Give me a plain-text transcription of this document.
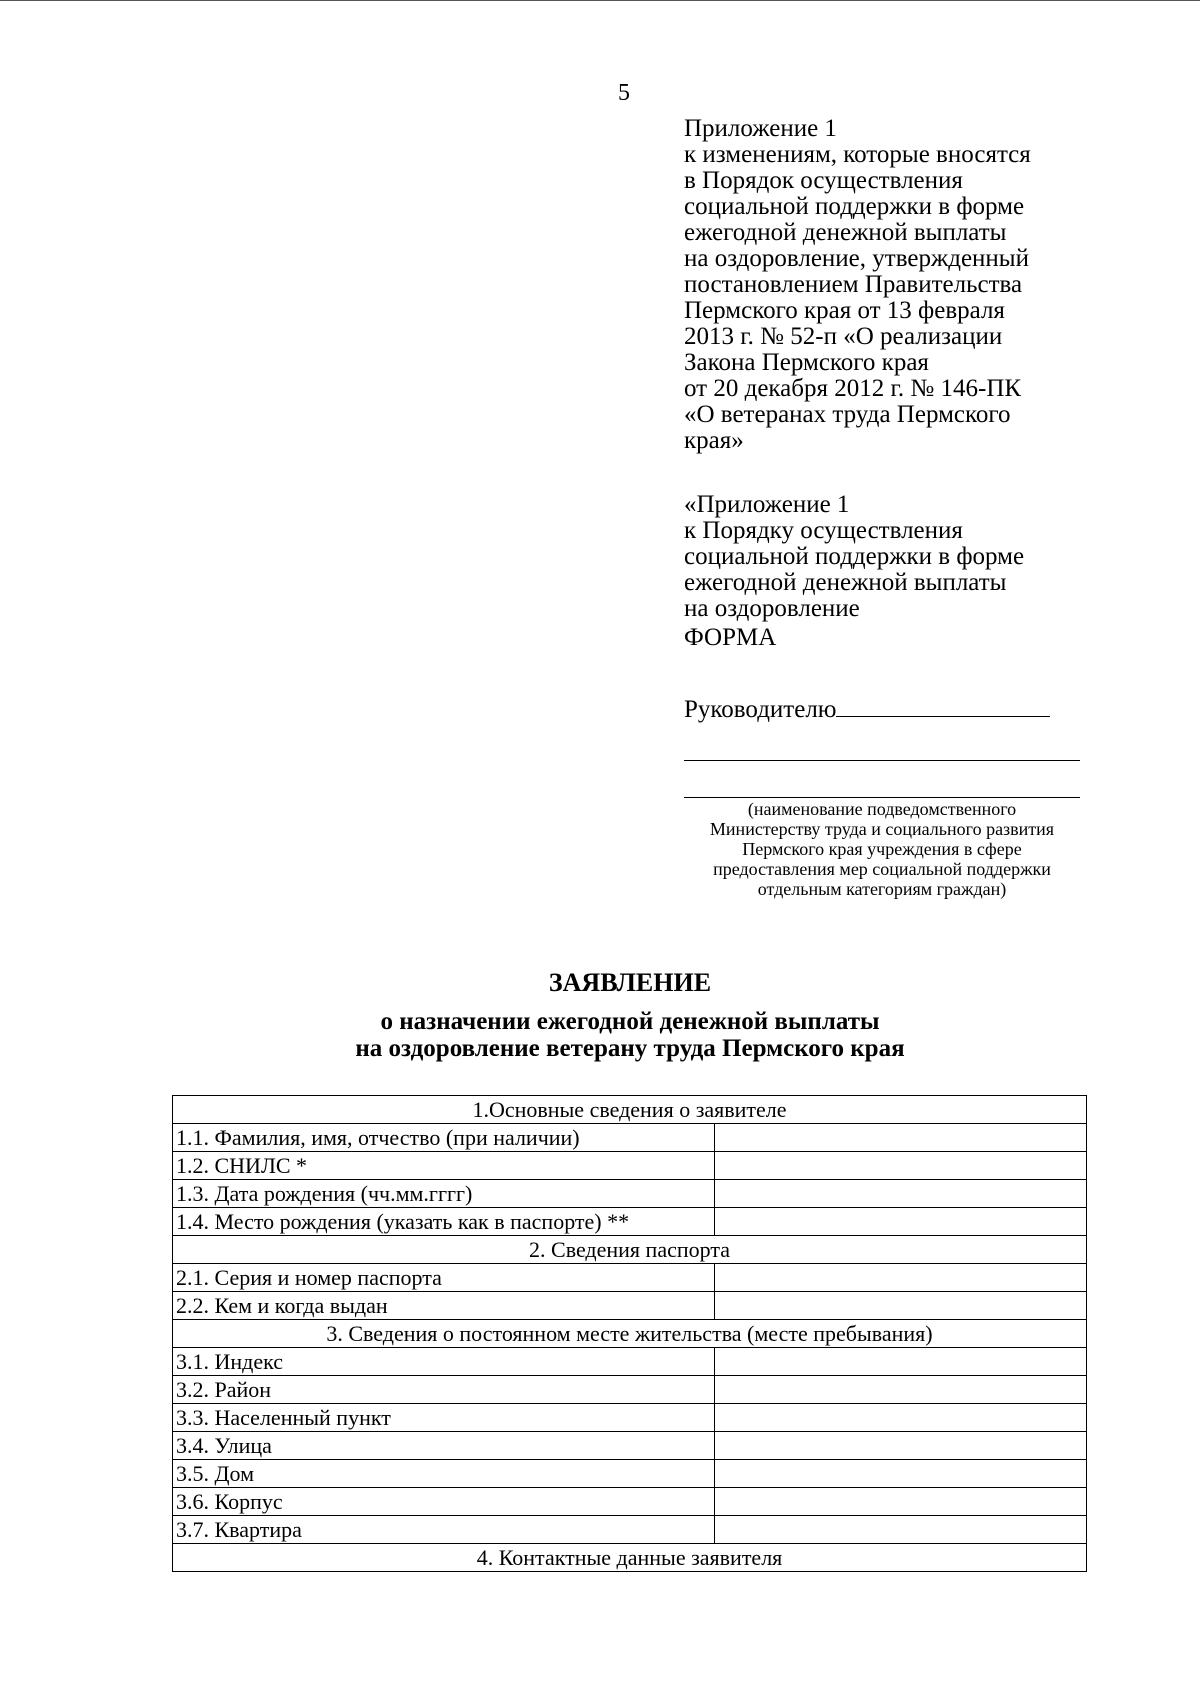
5
Приложение 1
к изменениям, которые вносятся
в Порядок осуществления
социальной поддержки в форме
ежегодной денежной выплаты
на оздоровление, утвержденный
постановлением Правительства
Пермского края от 13 февраля
2013 г. № 52-п «О реализации
Закона Пермского края
от 20 декабря 2012 г. № 146-ПК
«О ветеранах труда Пермского
края»
«Приложение 1
к Порядку осуществления
социальной поддержки в форме
ежегодной денежной выплаты
на оздоровление
ФОРМА
Руководителю
(наименование подведомственного
Министерству труда и социального развития
Пермского края учреждения в сфере
предоставления мер социальной поддержки
отдельным категориям граждан)
ЗАЯВЛЕНИЕ
о назначении ежегодной денежной выплаты
на оздоровление ветерану труда Пермского края
1.Основные сведения о заявителе	
1.1. Фамилия, имя, отчество (при наличии)	
1.2. СНИЛС *	
1.3. Дата рождения (чч.мм.гггг)	
1.4. Место рождения (указать как в паспорте) **	
2. Сведения паспорта	
2.1. Серия и номер паспорта	
2.2. Кем и когда выдан	
3. Сведения о постоянном месте жительства (месте пребывания)	
3.1. Индекс	
3.2. Район	
3.3. Населенный пункт	
3.4. Улица	
3.5. Дом	
3.6. Корпус	
3.7. Квартира	
4. Контактные данные заявителя	
